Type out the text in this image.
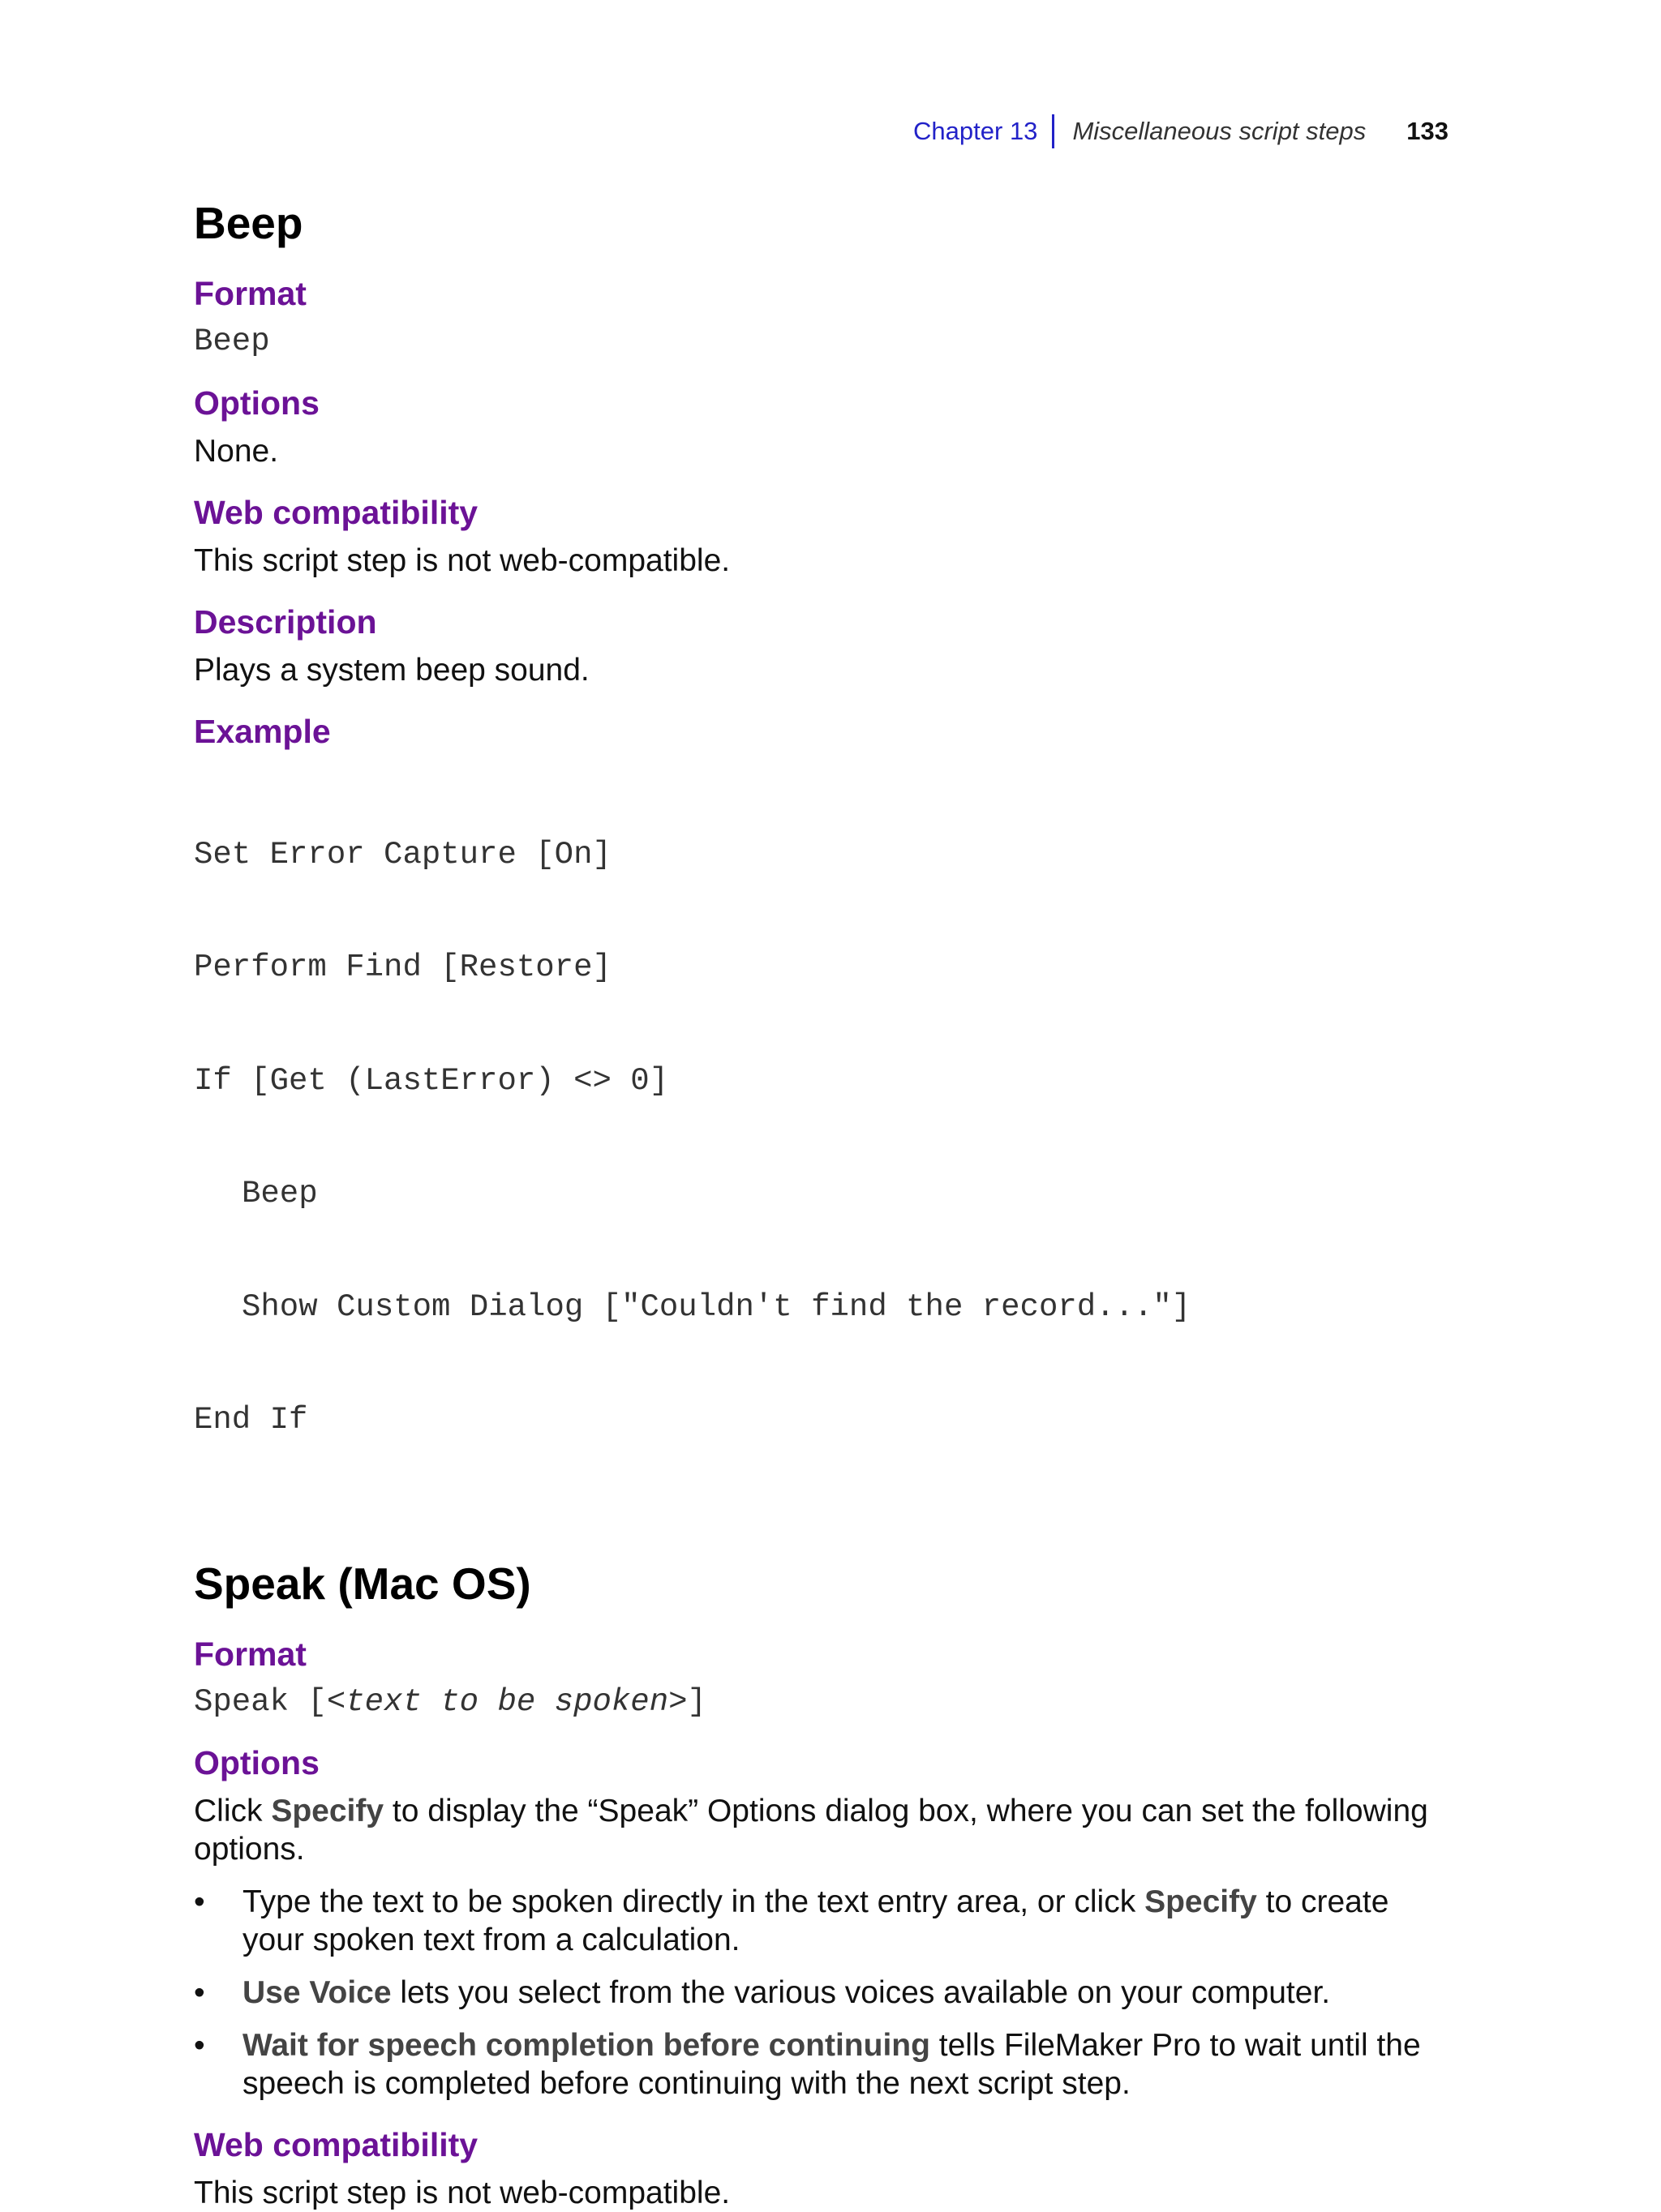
Chapter 13 Miscellaneous script steps 133
Beep
Format
Beep
Options

None.

Web compatibility

This script step is not web-compatible.

Description

Plays a system beep sound.

Example

Set Error Capture [On]

Perform Find [Restore]

If [Get (LastError) <> 0]

Beep

Show Custom Dialog ["Couldn't find the record..."]

End If

Speak (Mac OS)
Format
Speak [<text to be spoken>]
Options

Click Specify to display the “Speak” Options dialog box, where you can set the following options.

• Type the text to be spoken directly in the text entry area, or click Specify to create your spoken text from a calculation.
• Use Voice lets you select from the various voices available on your computer.
• Wait for speech completion before continuing tells FileMaker Pro to wait until the speech is completed before continuing with the next script step.
Web compatibility

This script step is not web-compatible.
